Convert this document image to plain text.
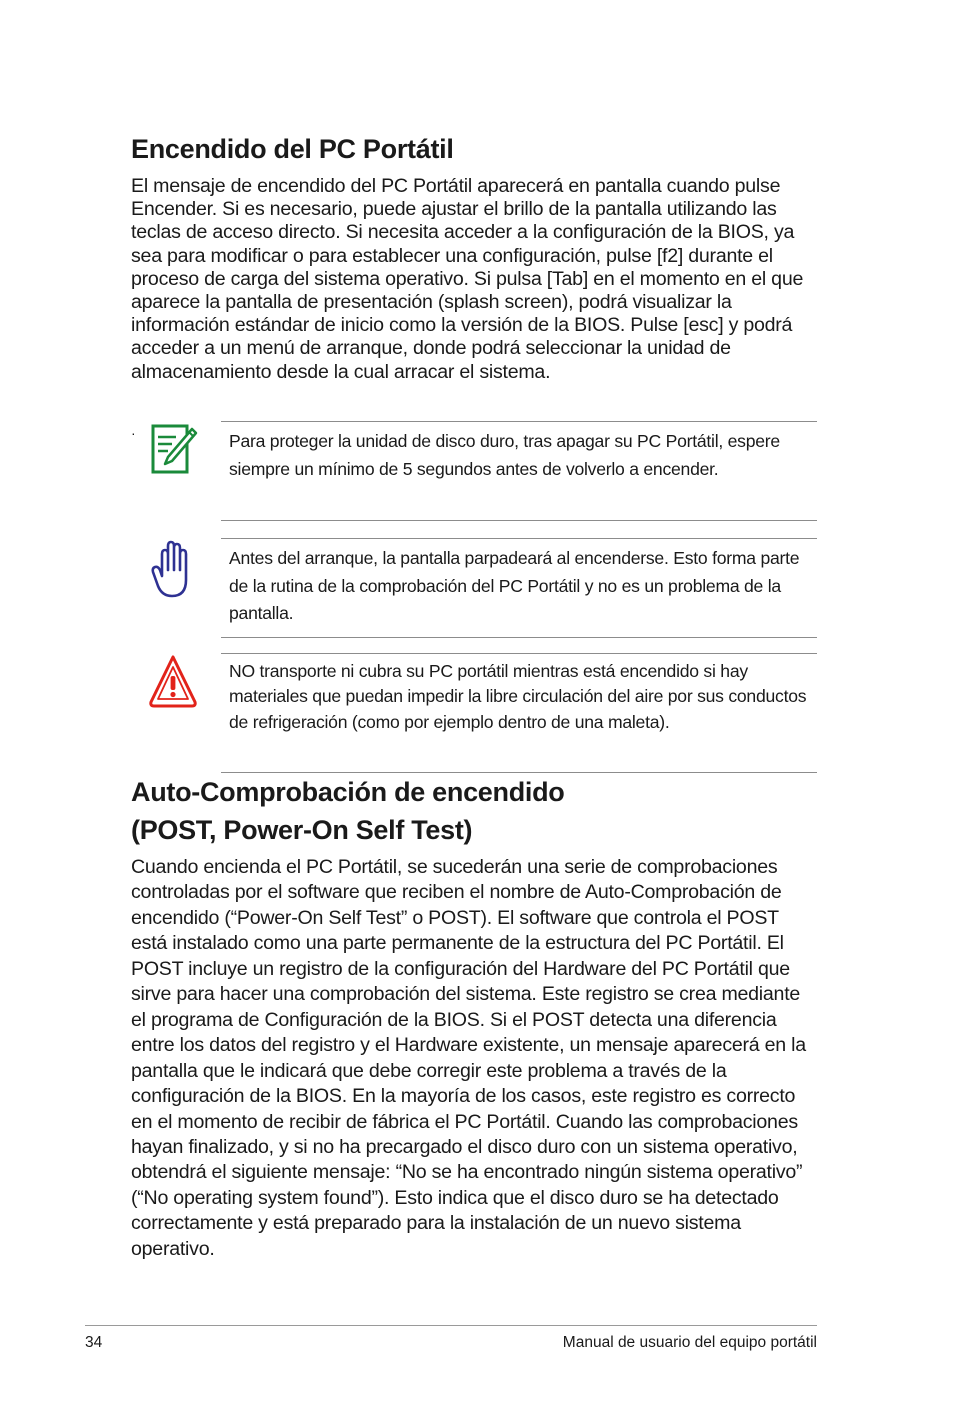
Encendido del PC Portátil

El mensaje de encendido del PC Portátil aparecerá en pantalla cuando pulse Encender. Si es necesario, puede ajustar el brillo de la pantalla utilizando las teclas de acceso directo. Si necesita acceder a la configuración de la BIOS, ya sea para modificar o para establecer una configuración, pulse [f2] durante el proceso de carga del sistema operativo. Si pulsa [Tab] en el momento en el que aparece la pantalla de presentación (splash screen), podrá visualizar la información estándar de inicio como la versión de la BIOS. Pulse [esc] y podrá acceder a un menú de arranque, donde podrá seleccionar la unidad de almacenamiento desde la cual arracar el sistema.

·	Para proteger la unidad de disco duro, tras apagar su PC Portátil, espere siempre un mínimo de 5 segundos antes de volverlo a encender.

Antes del arranque, la pantalla parpadeará al encenderse. Esto forma parte de la rutina de la comprobación del PC Portátil y no es un problema de la pantalla.

NO transporte ni cubra su PC portátil mientras está encendido si hay materiales que puedan impedir la libre circulación del aire por sus conductos de refrigeración (como por ejemplo dentro de una maleta).

Auto-Comprobación de encendido
(POST, Power-On Self Test)

Cuando encienda el PC Portátil, se sucederán una serie de comprobaciones controladas por el software que reciben el nombre de Auto-Comprobación de encendido (“Power-On Self Test” o POST). El software que controla el POST está instalado como una parte permanente de la estructura del PC Portátil. El POST incluye un registro de la configuración del Hardware del PC Portátil que sirve para hacer una comprobación del sistema. Este registro se crea mediante el programa de Configuración de la BIOS. Si el POST detecta una diferencia entre los datos del registro y el Hardware existente, un mensaje aparecerá en la pantalla que le indicará que debe corregir este problema a través de la configuración de la BIOS. En la mayoría de los casos, este registro es correcto en el momento de recibir de fábrica el PC Portátil. Cuando las comprobaciones hayan finalizado, y si no ha precargado el disco duro con un sistema operativo, obtendrá el siguiente mensaje: “No se ha encontrado ningún sistema operativo” (“No operating system found”). Esto indica que el disco duro se ha detectado correctamente y está preparado para la instalación de un nuevo sistema operativo.

34	Manual de usuario del equipo portátil
